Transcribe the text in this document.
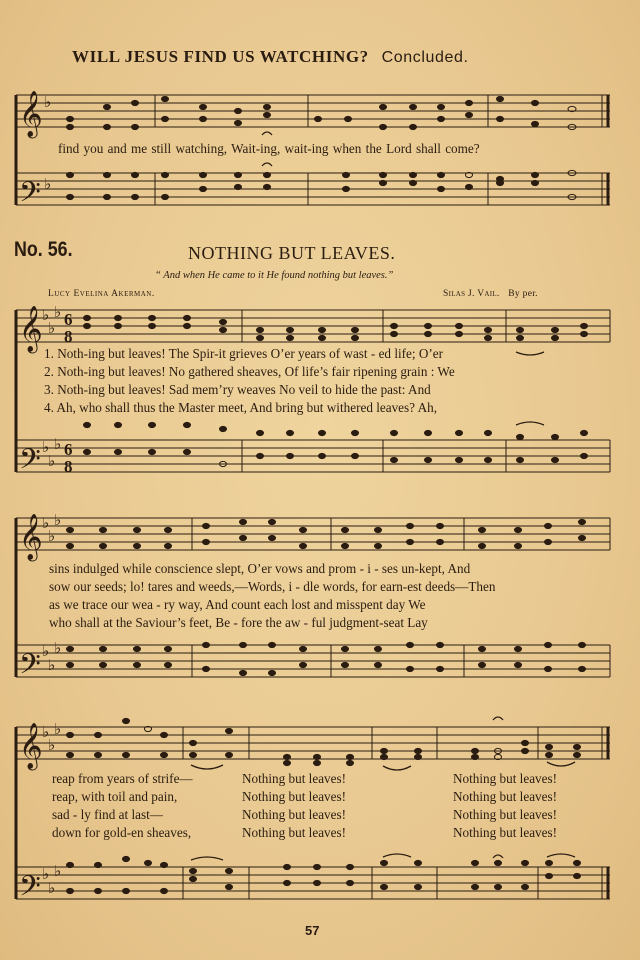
WILL JESUS FIND US WATCHING? Concluded.
𝄞
𝄢
𝄞
𝄢
𝄞
𝄢
𝄞
𝄢
♭
♭
♭
♭
♭
♭
♭
♭
♭
♭
♭
♭
♭
♭
♭
♭
♭
♭
♭
♭
6
8
6
8
find you and me still watching, Wait-ing, wait-ing when the Lord shall come?
No. 56.	NOTHING BUT LEAVES.
“ And when He came to it He found nothing but leaves.”
Lucy Evelina Akerman.	Silas J. Vail. By per.
1. Noth-ing but leaves! The Spir-it grieves O’er years of wast - ed life; O’er
2. Noth-ing but leaves! No gathered sheaves, Of life’s fair ripening grain : We
3. Noth-ing but leaves! Sad mem’ry weaves No veil to hide the past: And
4. Ah, who shall thus the Master meet, And bring but withered leaves? Ah,
sins indulged while conscience slept, O’er vows and prom - i - ses un-kept, And
sow our seeds; lo! tares and weeds,—Words, i - dle words, for earn-est deeds—Then
as we trace our wea - ry way, And count each lost and misspent day We
who shall at the Saviour’s feet, Be - fore the aw - ful judgment-seat Lay
reap from years of strife—	Nothing but leaves!	Nothing but leaves!
reap, with toil and pain,	Nothing but leaves!	Nothing but leaves!
sad - ly find at last—	Nothing but leaves!	Nothing but leaves!
down for gold-en sheaves,	Nothing but leaves!	Nothing but leaves!
57
